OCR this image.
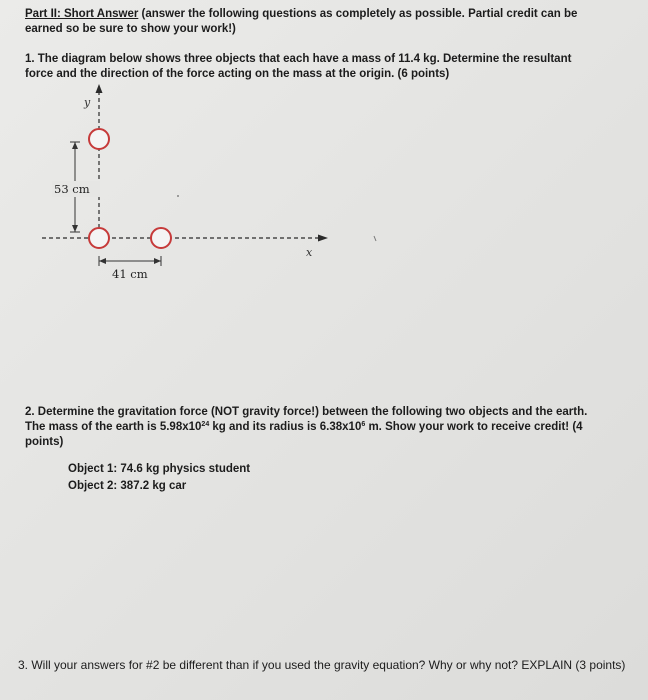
Part II: Short Answer (answer the following questions as completely as possible. Partial credit can be earned so be sure to show your work!)
1. The diagram below shows three objects that each have a mass of 11.4 kg. Determine the resultant force and the direction of the force acting on the mass at the origin. (6 points)
y
x
53 cm
41 cm
2. Determine the gravitation force (NOT gravity force!) between the following two objects and the earth.
The mass of the earth is $5.98x10^{24}$ kg and its radius is $6.38x10^6$ m. Show your work to receive credit! (4
points)
Object 1: 74.6 kg physics student
Object 2: 387.2 kg car
3. Will your answers for #2 be different than if you used the gravity equation? Why or why not? EXPLAIN (3 points)
